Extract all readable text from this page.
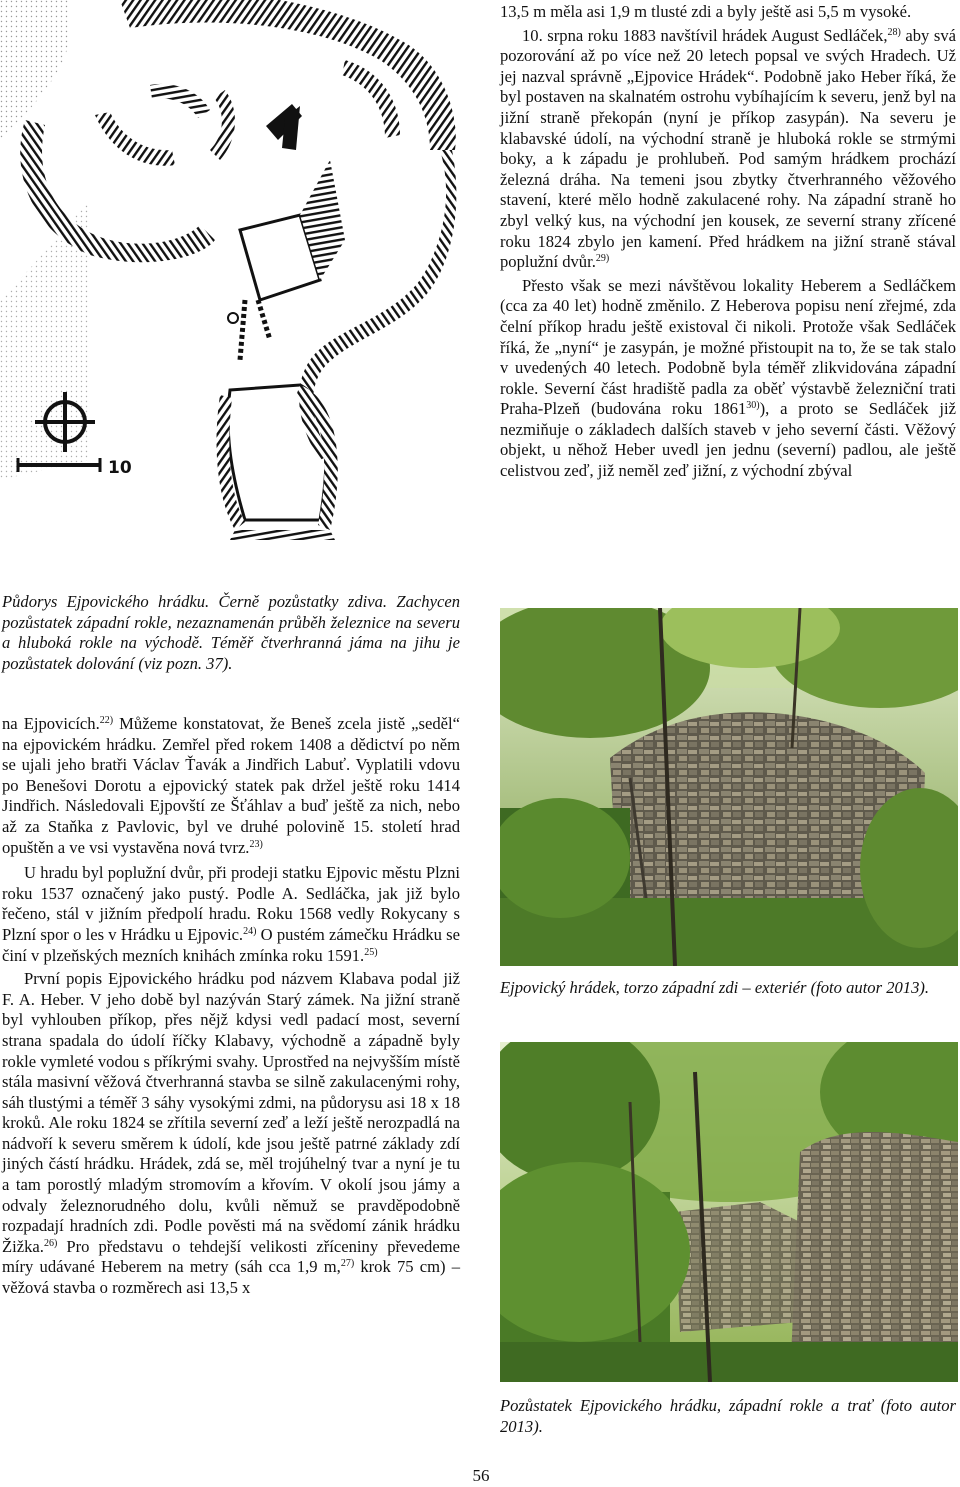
10

Půdorys Ejpovického hrádku. Černě pozůstatky zdiva. Zachycen pozůstatek západní rokle, nezaznamenán průběh železnice na severu a hluboká rokle na východě. Téměř čtverhranná jáma na jihu je pozůstatek dolování (viz pozn. 37).

na Ejpovicích.$^{22)}$ Můžeme konstatovat, že Beneš zcela jistě „seděl“ na ejpovickém hrádku. Zemřel před rokem 1408 a dědictví po něm se ujali jeho bratři Václav Ťavák a Jindřich Labuť. Vyplatili vdovu po Benešovi Dorotu a ejpovický statek pak držel ještě roku 1414 Jindřich. Následovali Ejpovští ze Šťáhlav a buď ještě za nich, nebo až za Staňka z Pavlovic, byl ve druhé polovině 15. století hrad opuštěn a ve vsi vystavěna nová tvrz.$^{23)}$

U hradu byl poplužní dvůr, při prodeji statku Ejpovic městu Plzni roku 1537 označený jako pustý. Podle A. Sedláčka, jak již bylo řečeno, stál v jižním předpolí hradu. Roku 1568 vedly Rokycany s Plzní spor o les v Hrádku u Ejpovic.$^{24)}$ O pustém zámečku Hrádku se činí v plzeňských mezních knihách zmínka roku 1591.$^{25)}$

První popis Ejpovického hrádku pod názvem Klabava podal již F. A. Heber. V jeho době byl nazýván Starý zámek. Na jižní straně byl vyhlouben příkop, přes nějž kdysi vedl padací most, severní strana spadala do údolí říčky Klabavy, východně a západně byly rokle vymleté vodou s příkrými svahy. Uprostřed na nejvyšším místě stála masivní věžová čtverhranná stavba se silně zakulacenými rohy, sáh tlustými a téměř 3 sáhy vysokými zdmi, na půdorysu asi 18 x 18 kroků. Ale roku 1824 se zřítila severní zeď a leží ještě nerozpadlá na nádvoří k severu směrem k údolí, kde jsou ještě patrné základy zdí jiných částí hrádku. Hrádek, zdá se, měl trojúhelný tvar a nyní je tu a tam porostlý mladým stromovím a křovím. V okolí jsou jámy a odvaly železnorudného dolu, kvůli němuž se pravděpodobně rozpadají hradních zdi. Podle pověsti má na svědomí zánik hrádku Žižka.$^{26)}$ Pro představu o tehdejší velikosti zříceniny převedeme míry udávané Heberem na metry (sáh cca 1,9 m,$^{27)}$ krok 75 cm) – věžová stavba o rozměrech asi 13,5 x

13,5 m měla asi 1,9 m tlusté zdi a byly ještě asi 5,5 m vysoké.

10. srpna roku 1883 navštívil hrádek August Sedláček,$^{28)}$ aby svá pozorování až po více než 20 letech popsal ve svých Hradech. Už jej nazval správně „Ejpovice Hrádek“. Podobně jako Heber říká, že byl postaven na skalnatém ostrohu vybíhajícím k severu, jenž byl na jižní straně překopán (nyní je příkop zasypán). Na severu je klabavské údolí, na východní straně je hluboká rokle se strmými boky, a k západu je prohlubeň. Pod samým hrádkem prochází železná dráha. Na temeni jsou zbytky čtverhranného věžového stavení, které mělo hodně zakulacené rohy. Na západní straně ho zbyl velký kus, na východní jen kousek, ze severní strany zřícené roku 1824 zbylo jen kamení. Před hrádkem na jižní straně stával poplužní dvůr.$^{29)}$

Přesto však se mezi návštěvou lokality Heberem a Sedláčkem (cca za 40 let) hodně změnilo. Z Heberova popisu není zřejmé, zda čelní příkop hradu ještě existoval či nikoli. Protože však Sedláček říká, že „nyní“ je zasypán, je možné přistoupit na to, že se tak stalo v uvedených 40 letech. Podobně byla téměř zlikvidována západní rokle. Severní část hradiště padla za oběť výstavbě železniční trati Praha-Plzeň (budována roku 1861$^{30)}$), a proto se Sedláček již nezmiňuje o základech dalších staveb v jeho severní části. Věžový objekt, u něhož Heber uvedl jen jednu (severní) padlou, ale ještě celistvou zeď, již neměl zeď jižní, z východní zbýval

Ejpovický hrádek, torzo západní zdi – exteriér (foto autor 2013).

Pozůstatek Ejpovického hrádku, západní rokle a trať (foto autor 2013).

56
